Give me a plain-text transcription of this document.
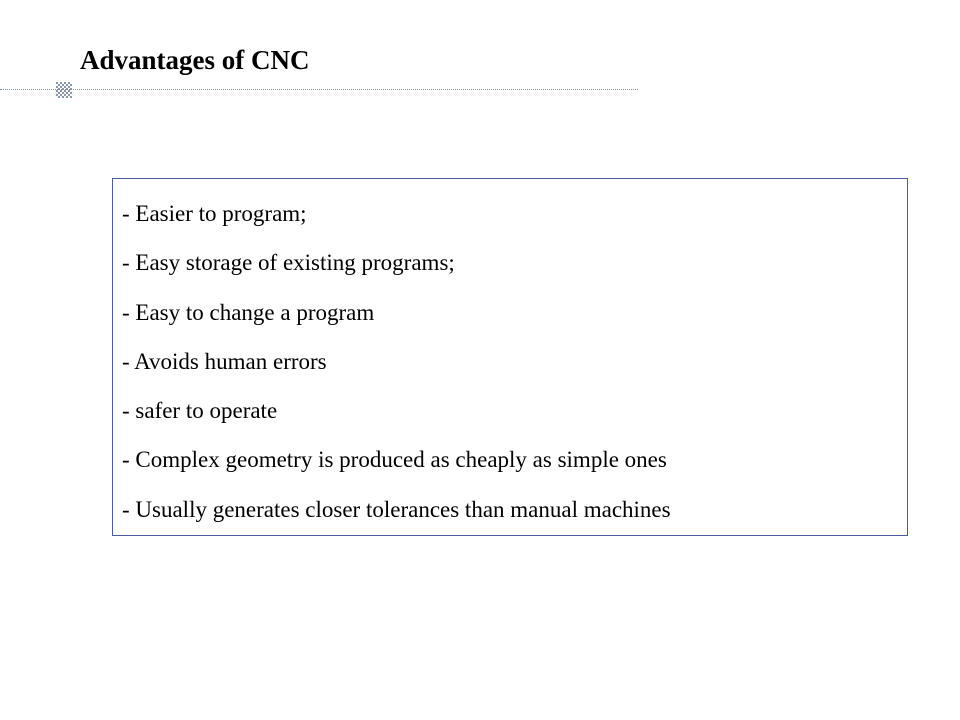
Advantages of CNC
- Easier to program;
- Easy storage of existing programs;
- Easy to change a program
- Avoids human errors
- safer to operate
- Complex geometry is produced as cheaply as simple ones
- Usually generates closer tolerances than manual machines
